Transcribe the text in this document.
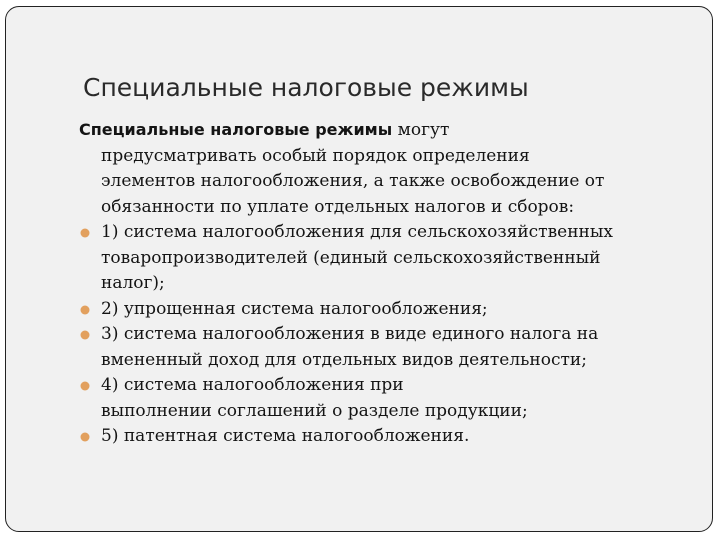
Специальные налоговые режимы
Специальные налоговые режимы могут
предусматривать особый порядок определения
элементов налогообложения, а также освобождение от
обязанности по уплате отдельных налогов и сборов:
1) система налогообложения для сельскохозяйственных
товаропроизводителей (единый сельскохозяйственный
налог);
2) упрощенная система налогообложения;
3) система налогообложения в виде единого налога на
вмененный доход для отдельных видов деятельности;
4) система налогообложения при
выполнении соглашений о разделе продукции;
5) патентная система налогообложения.
